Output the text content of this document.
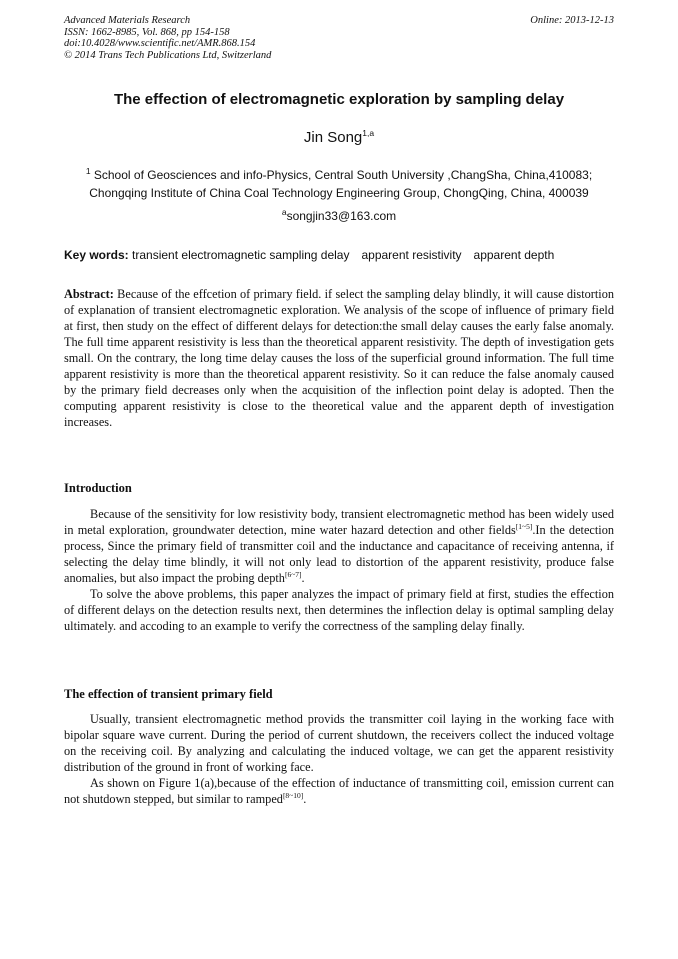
Advanced Materials Research
ISSN: 1662-8985, Vol. 868, pp 154-158
doi:10.4028/www.scientific.net/AMR.868.154
© 2014 Trans Tech Publications Ltd, Switzerland
Online: 2013-12-13
The effection of electromagnetic exploration by sampling delay
Jin Song$^{1,a}$
$^1$ School of Geosciences and info-Physics, Central South University ,ChangSha, China,410083;
Chongqing Institute of China Coal Technology Engineering Group, ChongQing, China, 400039
$^a$songjin33@163.com
Key words: transient electromagnetic sampling delay apparent resistivity apparent depth

Abstract: Because of the effcetion of primary field. if select the sampling delay blindly, it will cause distortion of explanation of transient electromagnetic exploration. We analysis of the scope of influence of primary field at first, then study on the effect of different delays for detection:the small delay causes the early false anomaly. The full time apparent resistivity is less than the theoretical apparent resistivity. The depth of investigation gets small. On the contrary, the long time delay causes the loss of the superficial ground information. The full time apparent resistivity is more than the theoretical apparent resistivity. So it can reduce the false anomaly caused by the primary field decreases only when the acquisition of the inflection point delay is adopted. Then the computing apparent resistivity is close to the theoretical value and the apparent depth of investigation increases.

Introduction

Because of the sensitivity for low resistivity body, transient electromagnetic method has been widely used in metal exploration, groundwater detection, mine water hazard detection and other fields[1~5].In the detection process, Since the primary field of transmitter coil and the inductance and capacitance of receiving antenna, if selecting the delay time blindly, it will not only lead to distortion of the apparent resistivity, produce false anomalies, but also impact the probing depth[6~7].

To solve the above problems, this paper analyzes the impact of primary field at first, studies the effection of different delays on the detection results next, then determines the inflection delay is optimal sampling delay ultimately. and accoding to an example to verify the correctness of the sampling delay finally.

The effection of transient primary field

Usually, transient electromagnetic method provids the transmitter coil laying in the working face with bipolar square wave current. During the period of current shutdown, the receivers collect the induced voltage on the receiving coil. By analyzing and calculating the induced voltage, we can get the apparent resistivity distribution of the ground in front of working face.

As shown on Figure 1(a),because of the effection of inductance of transmitting coil, emission current can not shutdown stepped, but similar to ramped[8~10].
